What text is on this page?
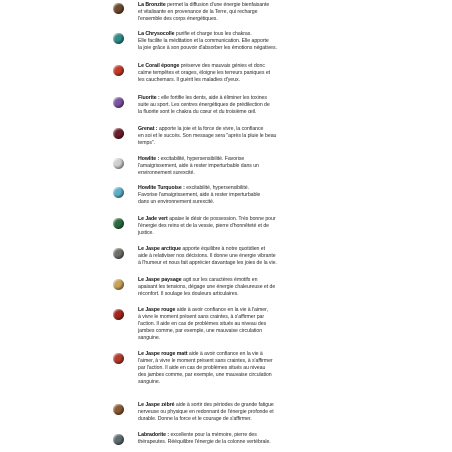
La Bronzite permet la diffusion d'une énergie bienfaisante
et vitalisante en provenance de la Terre, qui recharge
l'ensemble des corps énergétiques.
La Chrysocolle purifie et charge tous les chakras.
Elle facilite la méditation et la communication. Elle apporte
la joie grâce à son pouvoir d'absorber les émotions négatives.
Le Corail éponge préserve des mauvais génies et donc
calme tempêtes et orages, éloigne les terreurs paniques et
les cauchemars. Il guérit les maladies d'yeux.
Fluorite : elle fortifie les dents, aide à éliminer les toxines
suite au sport. Les centres énergétiques de prédilection de
la fluorite sont le chakra du cœur et du troisième œil.
Grenat : apporte la joie et la force de vivre, la confiance
en soi et le succès. Son message sera "après la pluie le beau
temps".
Howlite : excitabilité, hypersensibilité. Favorise
l'amaigrissement, aide à rester imperturbable dans un
environnement surexcité.
Howlite Turquoise : excitabilité, hypersensibilité.
Favorise l'amaigrissement, aide à rester imperturbable
dans un environnement surexcité.
Le Jade vert apaise le désir de possession. Très bonne pour
l'énergie des reins et de la vessie, pierre d'honnêteté et de
justice.
Le Jaspe arctique apporte équilibre à notre quotidien et
aide à relativiser nos décisions. Il donne une énergie vibrante
à l'humeur et nous fait apprécier davantage les joies de la vie.
Le Jaspe paysage agit sur les caractères émotifs en
apaisant les tensions, dégage une énergie chaleureuse et de
réconfort. Il soulage les douleurs articulaires.
Le Jaspe rouge aide à avoir confiance en la vie à l'aimer,
à vivre le moment présent sans craintes, à s'affirmer par
l'action. Il aide en cas de problèmes situés au niveau des
jambes comme, par exemple, une mauvaise circulation
sanguine.
Le Jaspe rouge matt aide à avoir confiance en la vie à
l'aimer, à vivre le moment présent sans craintes, à s'affirmer
par l'action. Il aide en cas de problèmes situés au niveau
des jambes comme, par exemple, une mauvaise circulation
sanguine.
Le Jaspe zébré aide à sortir des périodes de grande fatigue
nerveuse ou physique en redonnant de l'énergie profonde et
durable. Donne la force et le courage de s'affirmer.
Labradorite : excellente pour la mémoire, pierre des
thérapeutes. Rééquilibre l'énergie de la colonne vertébrale.
